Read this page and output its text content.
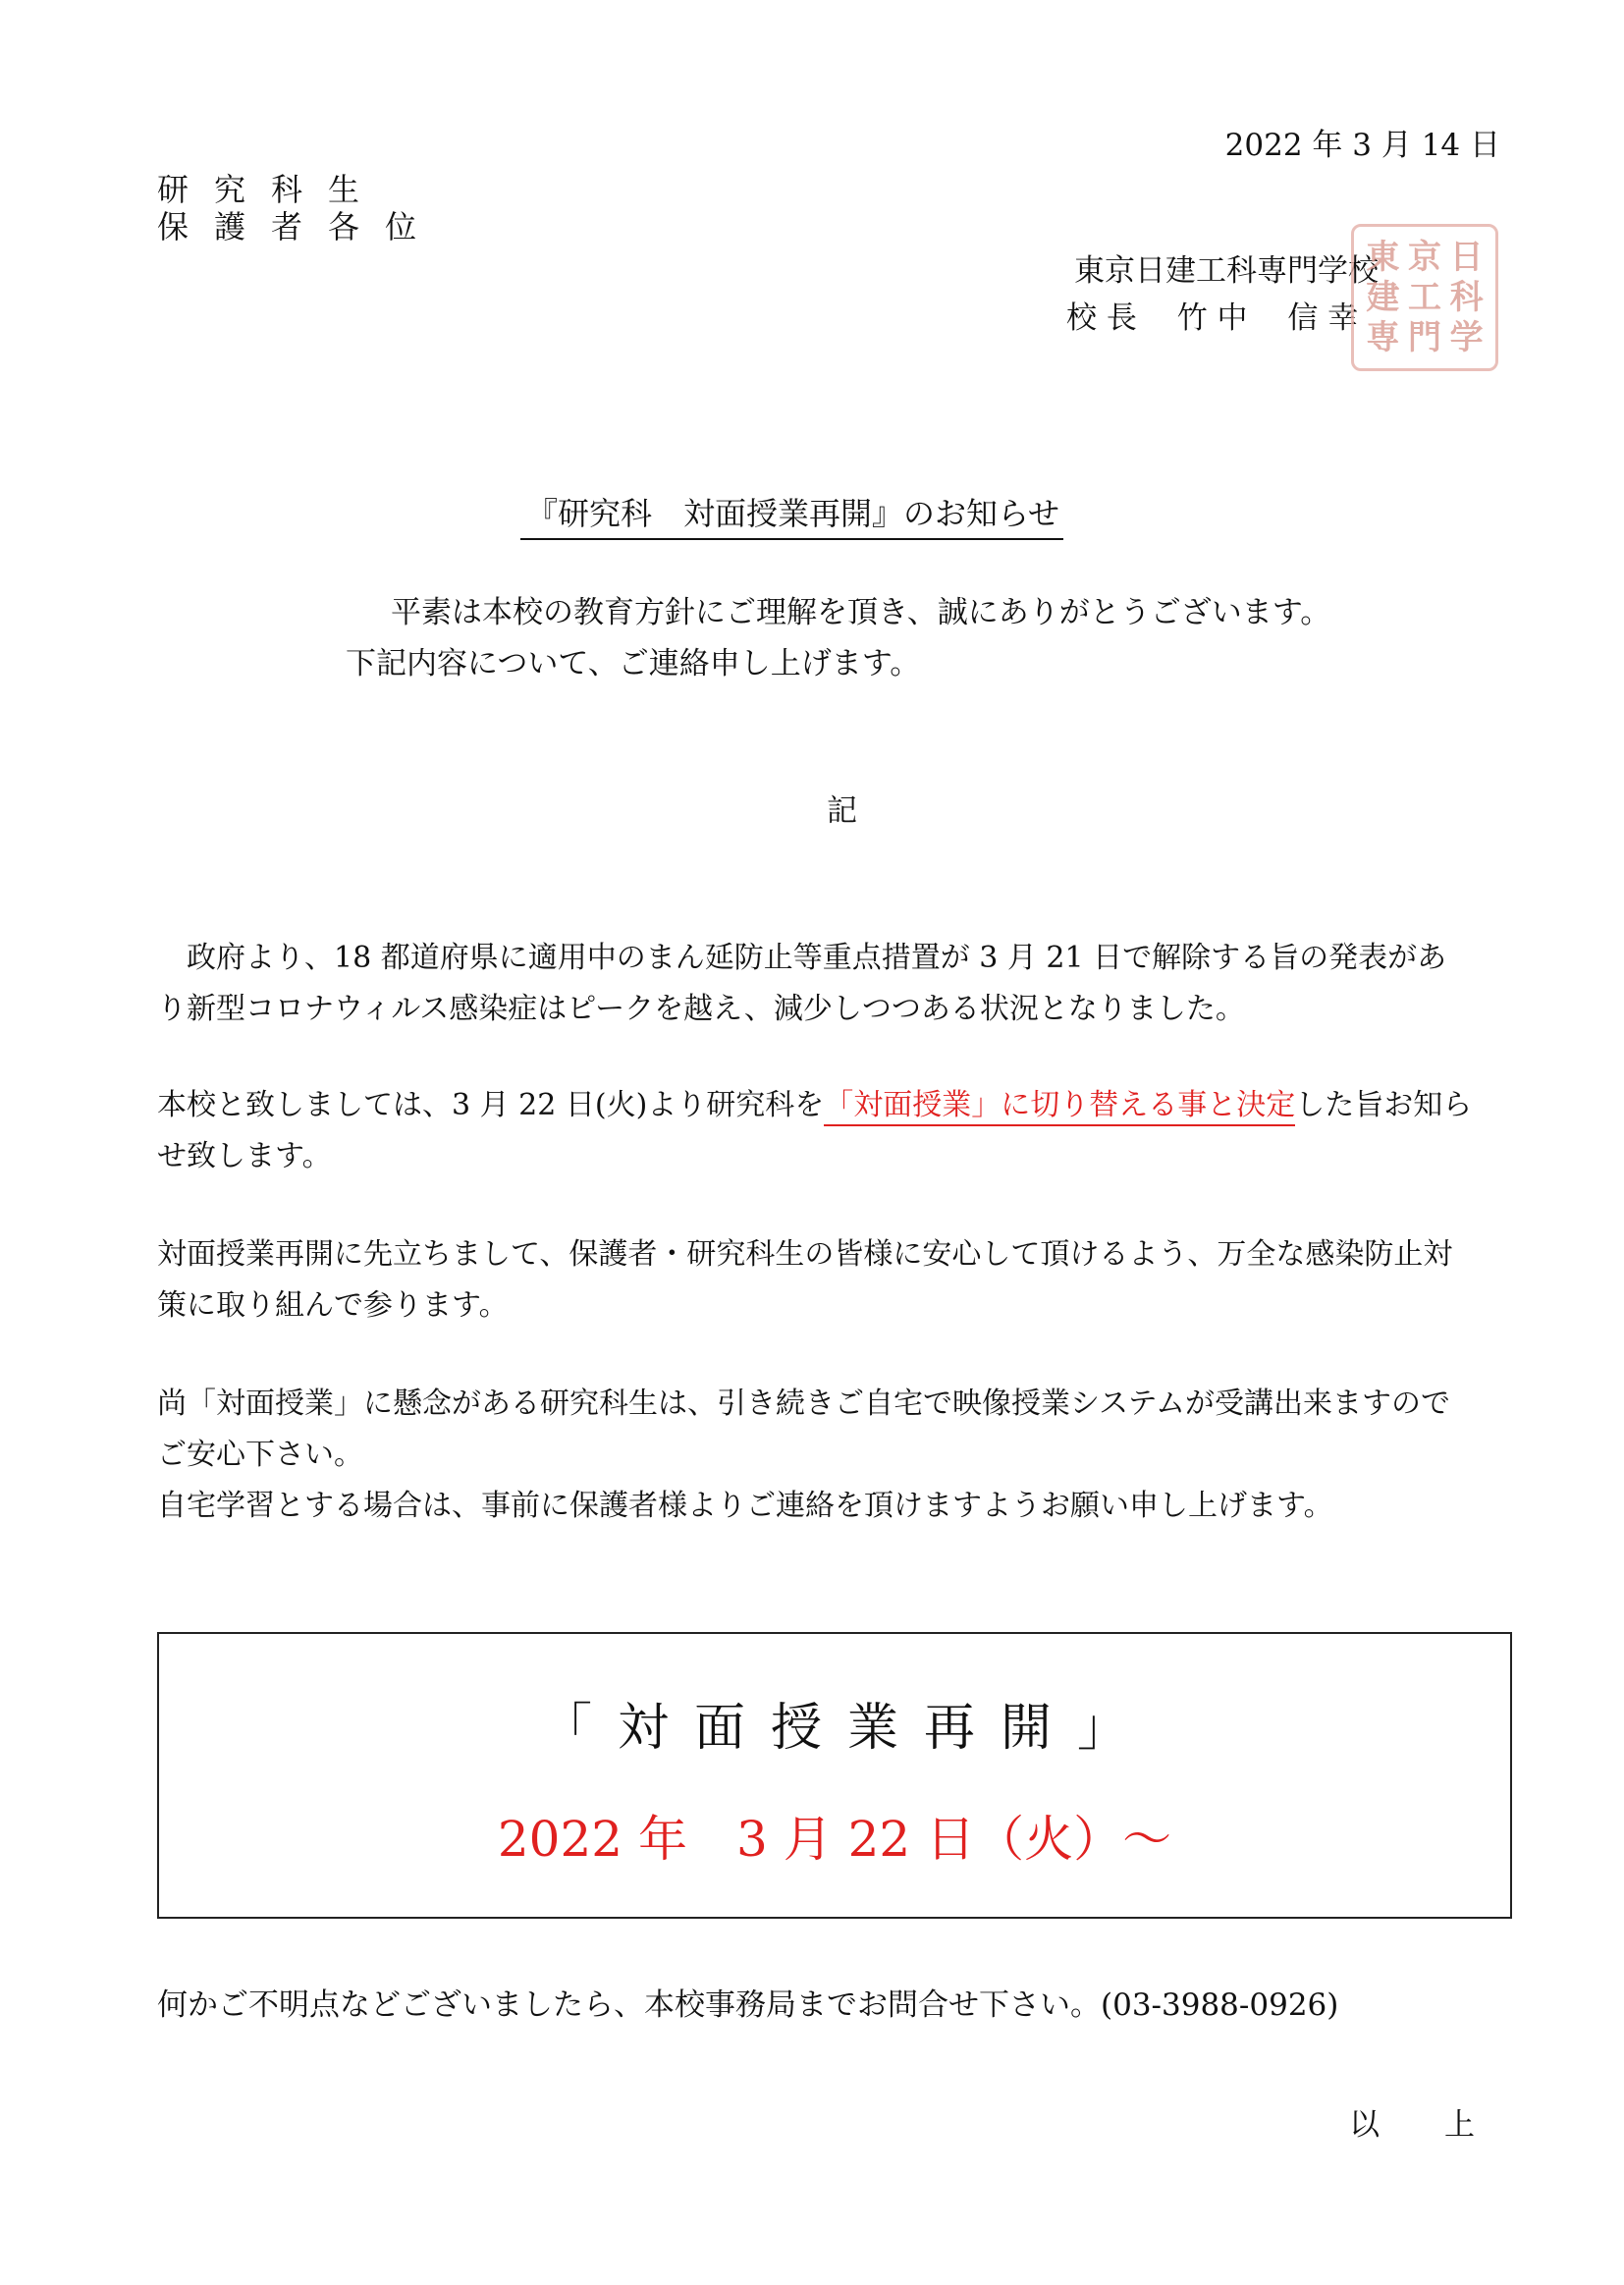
2022 年 3 月 14 日
研究科生
保護者各位
東京日建工科専門学校
校 長　 竹 中 　信 幸
東 京 日
建 工 科
専 門 学
『研究科　対面授業再開』のお知らせ
平素は本校の教育方針にご理解を頂き、誠にありがとうございます。
下記内容について、ご連絡申し上げます。
記
　政府より、18 都道府県に適用中のまん延防止等重点措置が 3 月 21 日で解除する旨の発表があり新型コロナウィルス感染症はピークを越え、減少しつつある状況となりました。
本校と致しましては、3 月 22 日(火)より研究科を「対面授業」に切り替える事と決定した旨お知らせ致します。
対面授業再開に先立ちまして、保護者・研究科生の皆様に安心して頂けるよう、万全な感染防止対策に取り組んで参ります。
尚「対面授業」に懸念がある研究科生は、引き続きご自宅で映像授業システムが受講出来ますのでご安心下さい。
自宅学習とする場合は、事前に保護者様よりご連絡を頂けますようお願い申し上げます。
「対面授業再開」
2022 年　3 月 22 日（火）〜
何かご不明点などございましたら、本校事務局までお問合せ下さい。(03-3988-0926)
以 上
